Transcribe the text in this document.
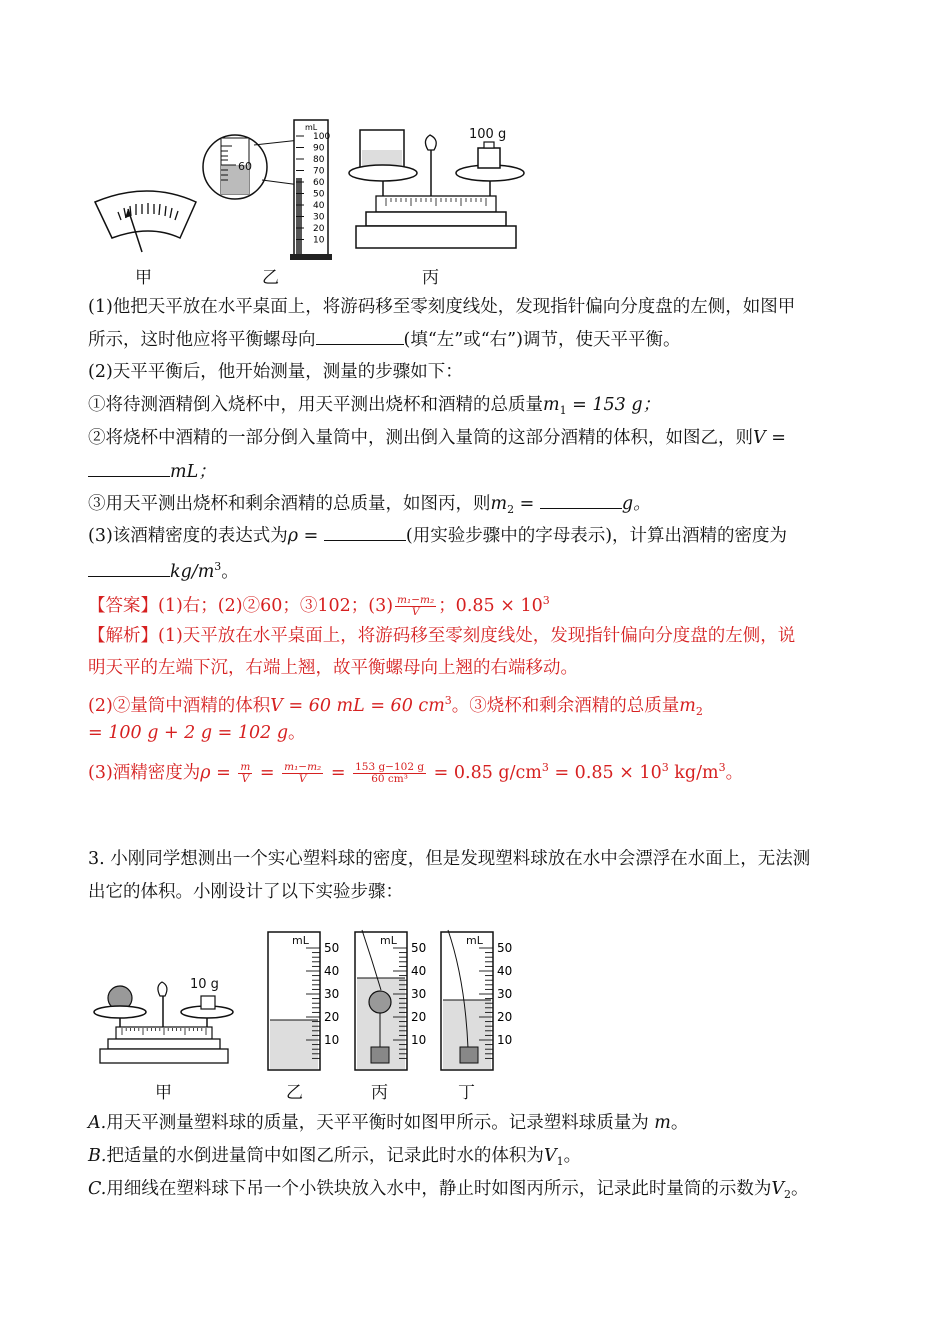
60
mL
100
90
80
70
60
50
40
30
20
10
100 g
甲	乙	丙
(1)他把天平放在水平桌面上，将游码移至零刻度线处，发现指针偏向分度盘的左侧，如图甲
所示，这时他应将平衡螺母向	(填“左”或“右”)调节，使天平平衡。
(2)天平平衡后，他开始测量，测量的步骤如下：
①将待测酒精倒入烧杯中，用天平测出烧杯和酒精的总质量$m_1 = 153$ g；
②将烧杯中酒精的一部分倒入量筒中，测出倒入量筒的这部分酒精的体积，如图乙，则V =
mL；
③用天平测出烧杯和剩余酒精的总质量，如图丙，则$m_2$ =	g。
(3)该酒精密度的表达式为ρ =	(用实验步骤中的字母表示)，计算出酒精的密度为
$kg/m^3$。
【答案】(1)右；(2)②60；③102；$(3) \frac{\text{m₁−m₂}}{V}$ ；$0.85 \times 10^3$
【解析】(1)天平放在水平桌面上，将游码移至零刻度线处，发现指针偏向分度盘的左侧，说
明天平的左端下沉，右端上翘，故平衡螺母向上翘的右端移动。
(2)②量筒中酒精的体积V = 60 mL = 60 $cm^3$。③烧杯和剩余酒精的总质量$m_2$
= 100 g + 2 g = 102 g。
(3)酒精密度为$\rho = \frac{m}{V} = \frac{\text{m₁−m₂}}{V} = \frac{153 g-102 g}{\text{60 cm³}} = 0.85$ $g/cm^3 = 0.85 \times 10^3$ $kg/m^3$。
3. 小刚同学想测出一个实心塑料球的密度，但是发现塑料球放在水中会漂浮在水面上，无法测
出它的体积。小刚设计了以下实验步骤：
10 g
mL	mL	mL
50
40
30
20
10
50
40
30
20
10
50
40
30
20
10
甲	乙	丙	丁
A.用天平测量塑料球的质量，天平平衡时如图甲所示。记录塑料球质量为 m。
B.把适量的水倒进量筒中如图乙所示，记录此时水的体积为$V_1$。
C.用细线在塑料球下吊一个小铁块放入水中，静止时如图丙所示，记录此时量筒的示数为$V_2$。
